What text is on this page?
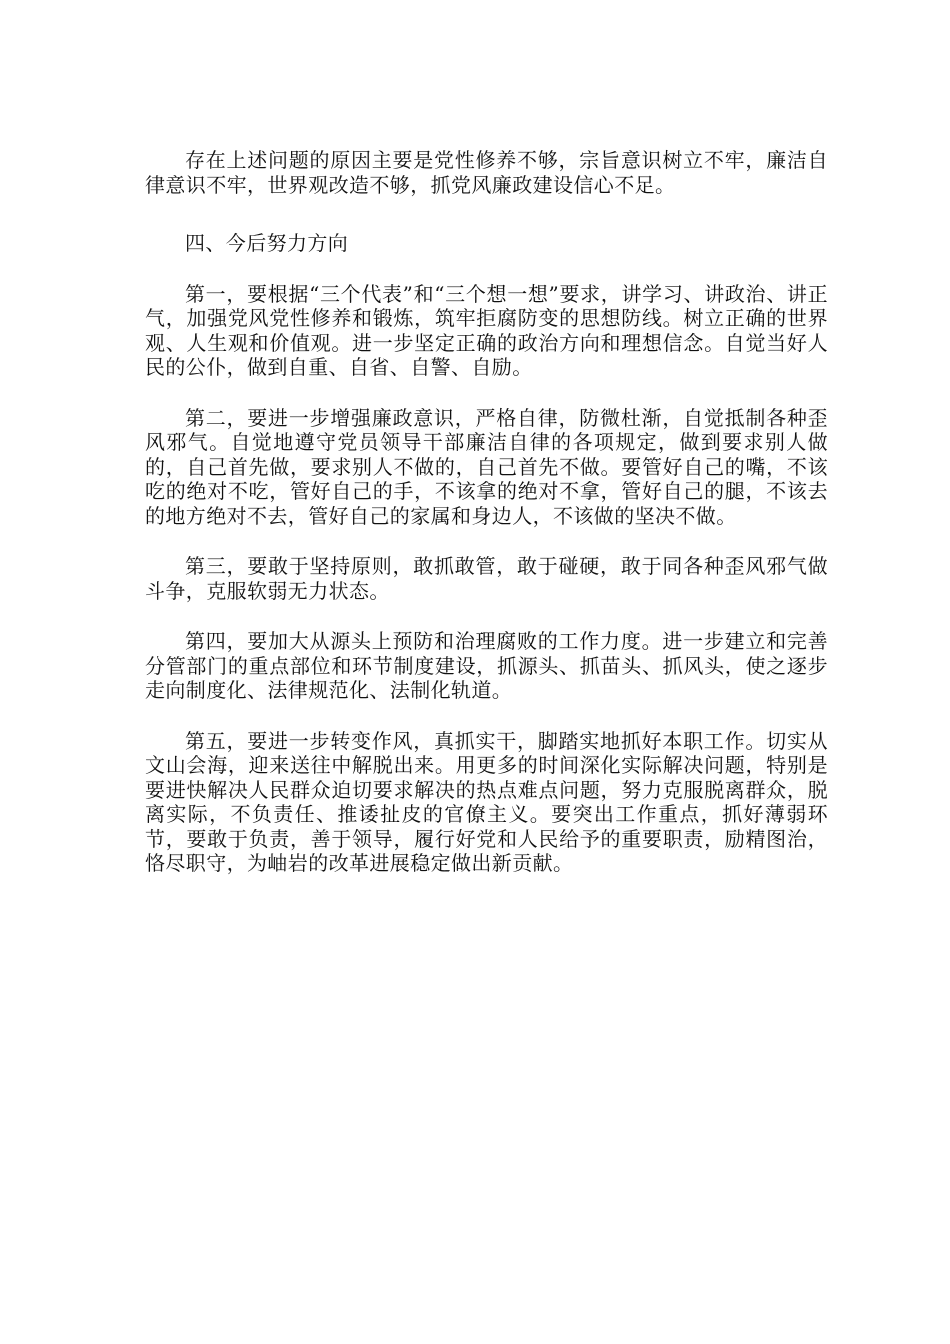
存在上述问题的原因主要是党性修养不够，宗旨意识树立不牢，廉洁自律意识不牢，世界观改造不够，抓党风廉政建设信心不足。

四、今后努力方向

第一，要根据“三个代表”和“三个想一想”要求，讲学习、讲政治、讲正气，加强党风党性修养和锻炼，筑牢拒腐防变的思想防线。树立正确的世界观、人生观和价值观。进一步坚定正确的政治方向和理想信念。自觉当好人民的公仆，做到自重、自省、自警、自励。

第二，要进一步增强廉政意识，严格自律，防微杜渐，自觉抵制各种歪风邪气。自觉地遵守党员领导干部廉洁自律的各项规定，做到要求别人做的，自己首先做，要求别人不做的，自己首先不做。要管好自己的嘴，不该吃的绝对不吃，管好自己的手，不该拿的绝对不拿，管好自己的腿，不该去的地方绝对不去，管好自己的家属和身边人，不该做的坚决不做。

第三，要敢于坚持原则，敢抓敢管，敢于碰硬，敢于同各种歪风邪气做斗争，克服软弱无力状态。

第四，要加大从源头上预防和治理腐败的工作力度。进一步建立和完善分管部门的重点部位和环节制度建设，抓源头、抓苗头、抓风头，使之逐步走向制度化、法律规范化、法制化轨道。

第五，要进一步转变作风，真抓实干，脚踏实地抓好本职工作。切实从文山会海，迎来送往中解脱出来。用更多的时间深化实际解决问题，特别是要进快解决人民群众迫切要求解决的热点难点问题，努力克服脱离群众，脱离实际，不负责任、推诿扯皮的官僚主义。要突出工作重点，抓好薄弱环节，要敢于负责，善于领导，履行好党和人民给予的重要职责，励精图治，恪尽职守，为岫岩的改革进展稳定做出新贡献。
